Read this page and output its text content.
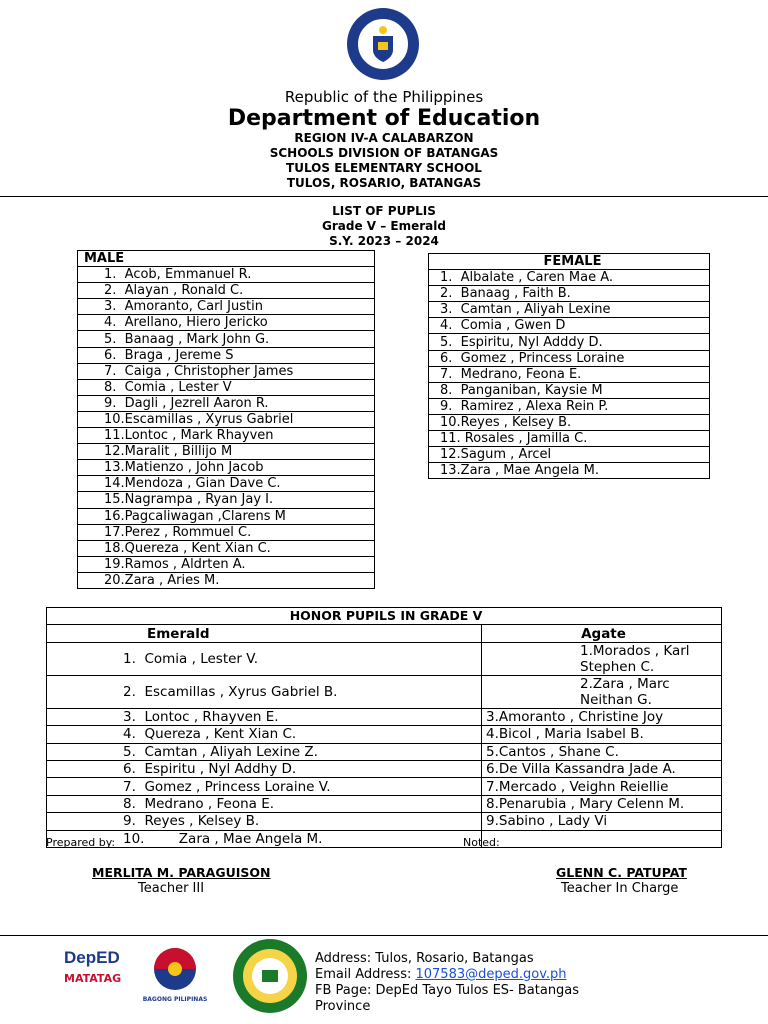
Republic of the Philippines
Department of Education
REGION IV-A CALABARZON
SCHOOLS DIVISION OF BATANGAS
TULOS ELEMENTARY SCHOOL
TULOS, ROSARIO, BATANGAS
LIST OF PUPLIS
Grade V – Emerald
S.Y. 2023 – 2024
MALE
1.  Acob, Emmanuel R.
2.  Alayan , Ronald C.
3.  Amoranto, Carl Justin
4.  Arellano, Hiero Jericko
5.  Banaag , Mark John G.
6.  Braga , Jereme S
7.  Caiga , Christopher James
8.  Comia , Lester V
9.  Dagli , Jezrell Aaron R.
10.Escamillas , Xyrus Gabriel
11.Lontoc , Mark Rhayven
12.Maralit , Billijo M
13.Matienzo , John Jacob
14.Mendoza , Gian Dave C.
15.Nagrampa , Ryan Jay I.
16.Pagcaliwagan ,Clarens M
17.Perez , Rommuel C.
18.Quereza , Kent Xian C.
19.Ramos , Aldrten A.
20.Zara , Aries M.
FEMALE
1.  Albalate , Caren Mae A.
2.  Banaag , Faith B.
3.  Camtan , Aliyah Lexine
4.  Comia , Gwen D
5.  Espiritu, Nyl Adddy D.
6.  Gomez , Princess Loraine
7.  Medrano, Feona E.
8.  Panganiban, Kaysie M
9.  Ramirez , Alexa Rein P.
10.Reyes , Kelsey B.
11. Rosales , Jamilla C.
12.Sagum , Arcel
13.Zara , Mae Angela M.
HONOR PUPILS IN GRADE V	
Emerald	Agate
1.  Comia , Lester V.	1.Morados , Karl Stephen C.
2.  Escamillas , Xyrus Gabriel B.	2.Zara , Marc Neithan G.
3.  Lontoc , Rhayven E.	3.Amoranto , Christine Joy
4.  Quereza , Kent Xian C.	4.Bicol , Maria Isabel B.
5.  Camtan , Aliyah Lexine Z.	5.Cantos , Shane C.
6.  Espiritu , Nyl Addhy D.	6.De Villa Kassandra Jade A.
7.  Gomez , Princess Loraine V.	7.Mercado , Veighn Reiellie
8.  Medrano , Feona E.	8.Penarubia , Mary Celenn M.
9.  Reyes , Kelsey B.	9.Sabino , Lady Vi
10.        Zara , Mae Angela M.	
Prepared by:	Noted:
MERLITA M. PARAGUISON
Teacher III
GLENN C. PATUPAT
Teacher In Charge
DepED
MATATAG
BAGONG PILIPINAS
Address: Tulos, Rosario, Batangas
Email Address: 107583@deped.gov.ph
FB Page: DepEd Tayo Tulos ES- Batangas
Province
